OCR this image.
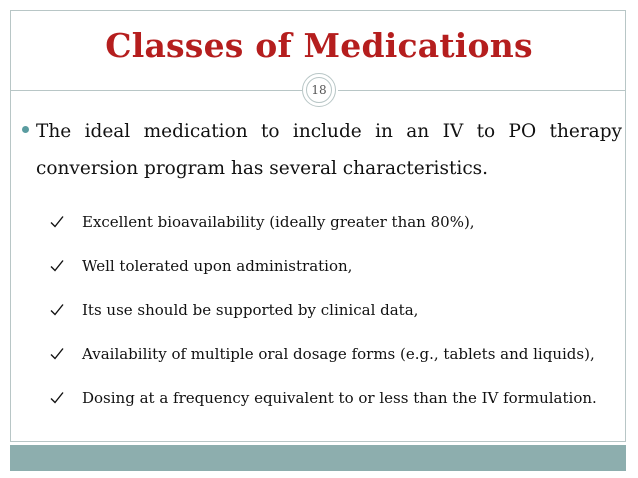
Classes of Medications
18
The ideal medication to include in an IV to PO therapy conversion program has several characteristics.
Excellent bioavailability (ideally greater than 80%),
Well tolerated upon administration,
Its use should be supported by clinical data,
Availability of multiple oral dosage forms (e.g., tablets and liquids),
Dosing at a frequency equivalent to or less than the IV formulation.
